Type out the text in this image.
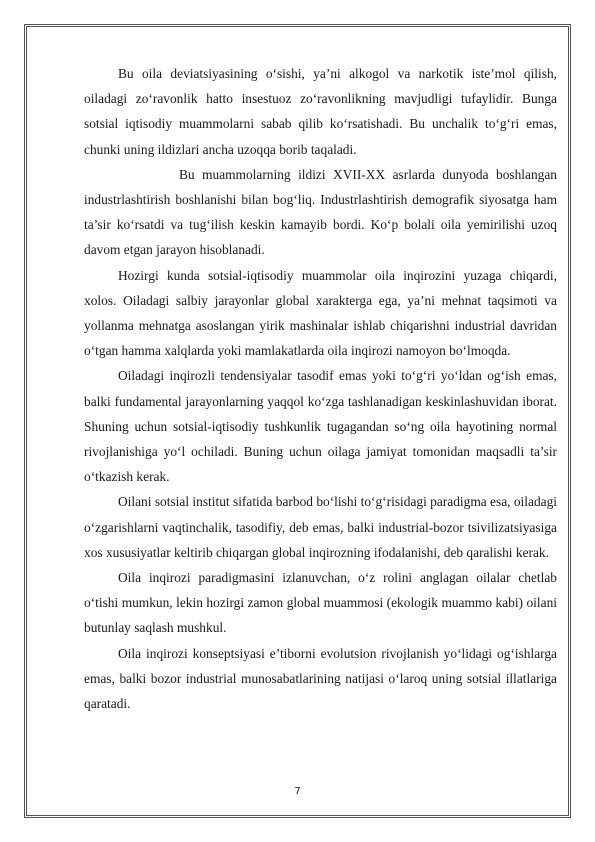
Bu oila deviatsiyasining o‘sishi, ya’ni alkogol va narkotik iste’mol qilish, oiladagi zo‘ravonlik hatto insestuoz zo‘ravonlikning mavjudligi tufaylidir. Bunga sotsial iqtisodiy muammolarni sabab qilib ko‘rsatishadi. Bu unchalik to‘g‘ri emas, chunki uning ildizlari ancha uzoqqa borib taqaladi.

Bu muammolarning ildizi XVII-XX asrlarda dunyoda boshlangan industrlashtirish boshlanishi bilan bog‘liq. Industrlashtirish demografik siyosatga ham ta’sir ko‘rsatdi va tug‘ilish keskin kamayib bordi. Ko‘p bolali oila yemirilishi uzoq davom etgan jarayon hisoblanadi.

Hozirgi kunda sotsial-iqtisodiy muammolar oila inqirozini yuzaga chiqardi, xolos. Oiladagi salbiy jarayonlar global xarakterga ega, ya’ni mehnat taqsimoti va yollanma mehnatga asoslangan yirik mashinalar ishlab chiqarishni industrial davridan o‘tgan hamma xalqlarda yoki mamlakatlarda oila inqirozi namoyon bo‘lmoqda.

Oiladagi inqirozli tendensiyalar tasodif emas yoki to‘g‘ri yo‘ldan og‘ish emas, balki fundamental jarayonlarning yaqqol ko‘zga tashlanadigan keskinlashuvidan iborat. Shuning uchun sotsial-iqtisodiy tushkunlik tugagandan so‘ng oila hayotining normal rivojlanishiga yo‘l ochiladi. Buning uchun oilaga jamiyat tomonidan maqsadli ta’sir o‘tkazish kerak.

Oilani sotsial institut sifatida barbod bo‘lishi to‘g‘risidagi paradigma esa, oiladagi o‘zgarishlarni vaqtinchalik, tasodifiy, deb emas, balki industrial-bozor tsivilizatsiyasiga xos xususiyatlar keltirib chiqargan global inqirozning ifodalanishi, deb qaralishi kerak.

Oila inqirozi paradigmasini izlanuvchan, o‘z rolini anglagan oilalar chetlab o‘tishi mumkun, lekin hozirgi zamon global muammosi (ekologik muammo kabi) oilani butunlay saqlash mushkul.

Oila inqirozi konseptsiyasi e’tiborni evolutsion rivojlanish yo‘lidagi og‘ishlarga emas, balki bozor industrial munosabatlarining natijasi o‘laroq uning sotsial illatlariga qaratadi.

7
